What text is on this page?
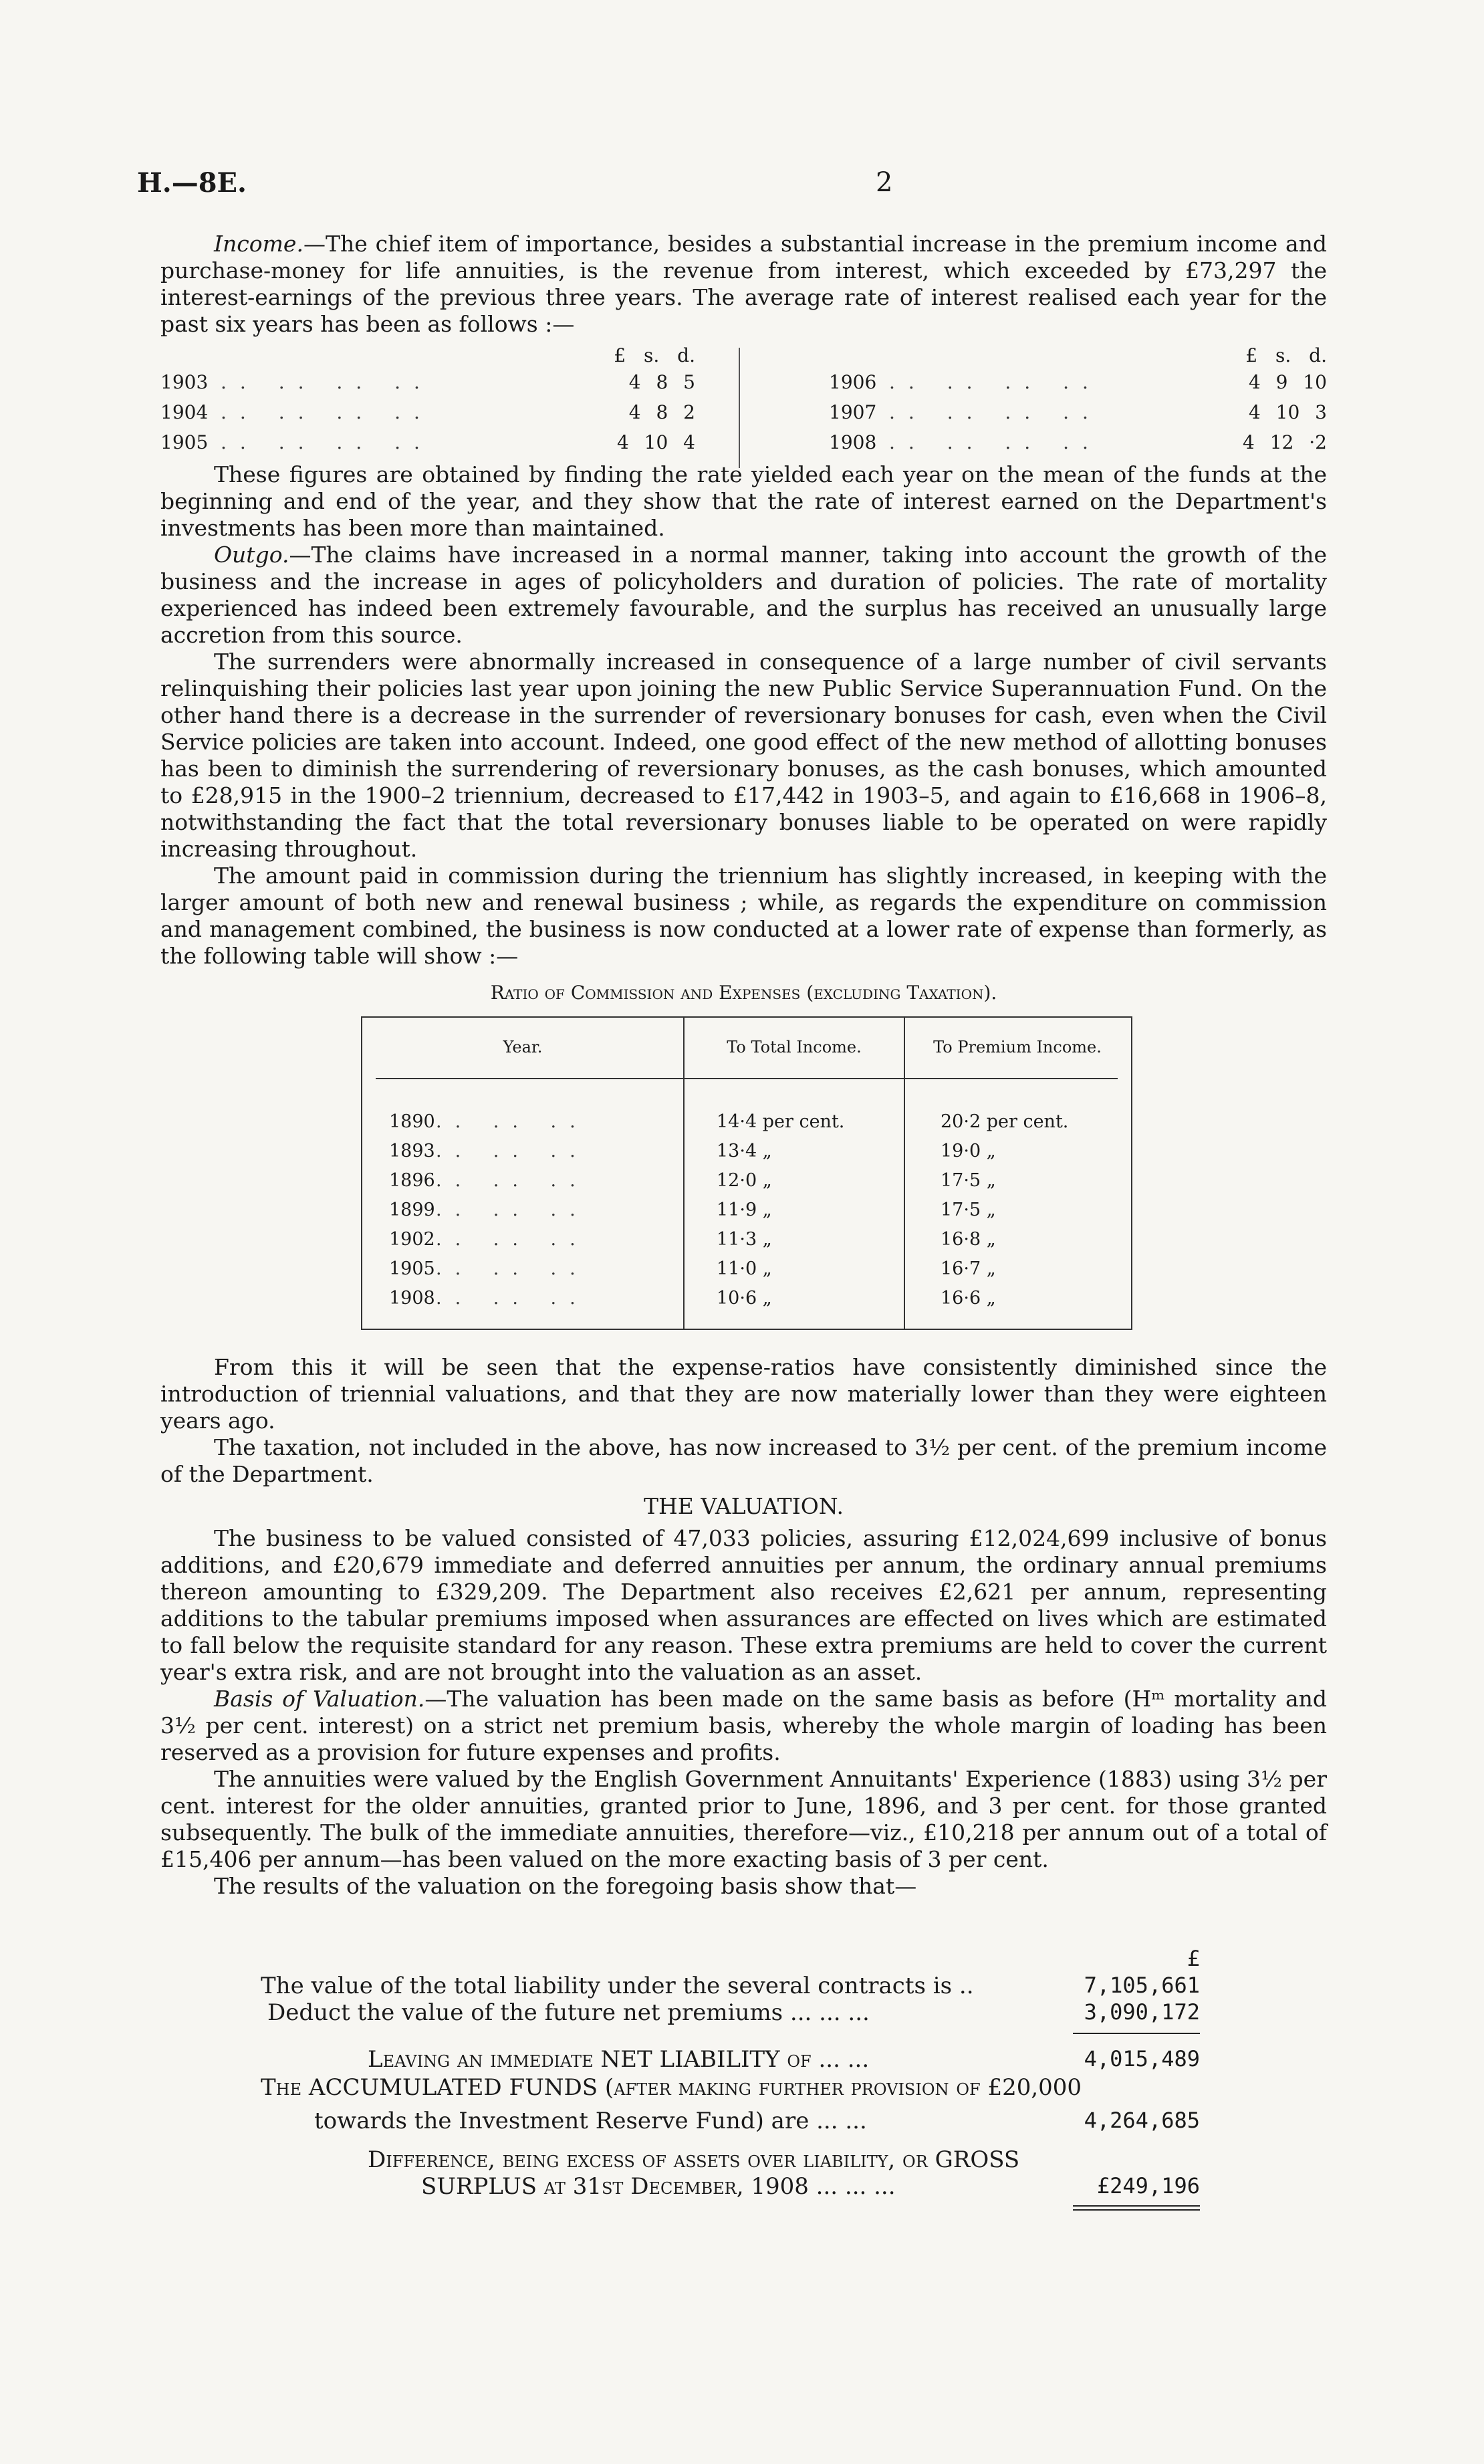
H.—8E.	2

Income.—The chief item of importance, besides a substantial increase in the premium income and purchase-money for life annuities, is the revenue from interest, which exceeded by £73,297 the interest-earnings of the previous three years. The average rate of interest realised each year for the past six years has been as follows :—

£ s. d.
1903 .. .. .. ..	4 8 5
1904 .. .. .. ..	4 8 2
1905 .. .. .. ..	4 10 4
£ s. d.
1906 .. .. .. ..	4 9 10
1907 .. .. .. ..	4 10 3
1908 .. .. .. ..	4 12 ·2

These figures are obtained by finding the rate yielded each year on the mean of the funds at the beginning and end of the year, and they show that the rate of interest earned on the Department's investments has been more than maintained.

Outgo.—The claims have increased in a normal manner, taking into account the growth of the business and the increase in ages of policyholders and duration of policies. The rate of mortality experienced has indeed been extremely favourable, and the surplus has received an unusually large accretion from this source.

The surrenders were abnormally increased in consequence of a large number of civil servants relinquishing their policies last year upon joining the new Public Service Superannuation Fund. On the other hand there is a decrease in the surrender of reversionary bonuses for cash, even when the Civil Service policies are taken into account. Indeed, one good effect of the new method of allotting bonuses has been to diminish the surrendering of reversionary bonuses, as the cash bonuses, which amounted to £28,915 in the 1900–2 triennium, decreased to £17,442 in 1903–5, and again to £16,668 in 1906–8, notwithstanding the fact that the total reversionary bonuses liable to be operated on were rapidly increasing throughout.

The amount paid in commission during the triennium has slightly increased, in keeping with the larger amount of both new and renewal business ; while, as regards the expenditure on commission and management combined, the business is now conducted at a lower rate of expense than formerly, as the following table will show :—

Ratio of Commission and Expenses (excluding Taxation).
Year.	To Total Income.	To Premium Income.
1890 .. .. ..	14·4 per cent.	20·2 per cent.
1893 .. .. ..	13·4 „	19·0 „
1896 .. .. ..	12·0 „	17·5 „
1899 .. .. ..	11·9 „	17·5 „
1902 .. .. ..	11·3 „	16·8 „
1905 .. .. ..	11·0 „	16·7 „
1908 .. .. ..	10·6 „	16·6 „

From this it will be seen that the expense-ratios have consistently diminished since the introduction of triennial valuations, and that they are now materially lower than they were eighteen years ago.

The taxation, not included in the above, has now increased to 3½ per cent. of the premium income of the Department.

THE VALUATION.

The business to be valued consisted of 47,033 policies, assuring £12,024,699 inclusive of bonus additions, and £20,679 immediate and deferred annuities per annum, the ordinary annual premiums thereon amounting to £329,209. The Department also receives £2,621 per annum, representing additions to the tabular premiums imposed when assurances are effected on lives which are estimated to fall below the requisite standard for any reason. These extra premiums are held to cover the current year's extra risk, and are not brought into the valuation as an asset.

Basis of Valuation.—The valuation has been made on the same basis as before (Hᵐ mortality and 3½ per cent. interest) on a strict net premium basis, whereby the whole margin of loading has been reserved as a provision for future expenses and profits.

The annuities were valued by the English Government Annuitants' Experience (1883) using 3½ per cent. interest for the older annuities, granted prior to June, 1896, and 3 per cent. for those granted subsequently. The bulk of the immediate annuities, therefore—viz., £10,218 per annum out of a total of £15,406 per annum—has been valued on the more exacting basis of 3 per cent.

The results of the valuation on the foregoing basis show that—

£
The value of the total liability under the several contracts is ..	7,105,661
Deduct the value of the future net premiums ... ... ...	3,090,172
Leaving an immediate NET LIABILITY of ... ...	4,015,489
The ACCUMULATED FUNDS (after making further provision of £20,000
towards the Investment Reserve Fund) are ... ...	4,264,685
Difference, being excess of assets over liability, or GROSS
SURPLUS at 31st December, 1908 ... ... ...	£249,196
